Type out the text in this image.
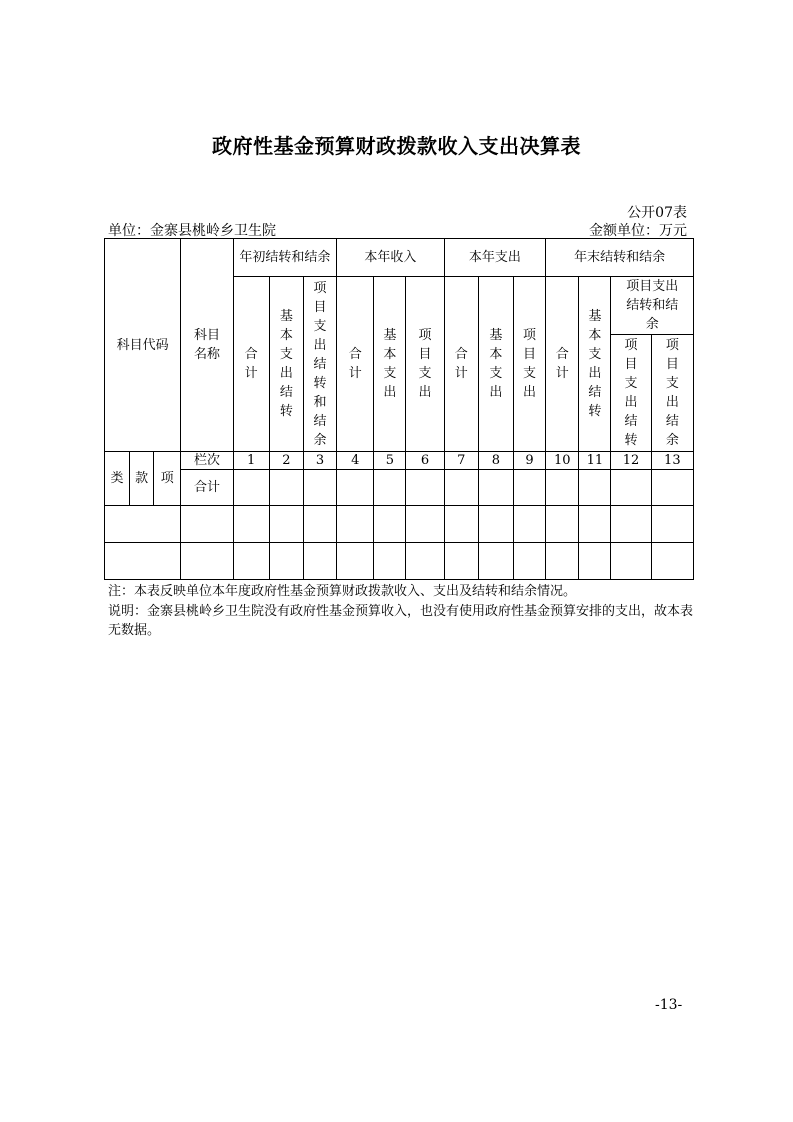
政府性基金预算财政拨款收入支出决算表
公开07表
单位：金寨县桃岭乡卫生院	金额单位：万元
科目代码			科目名称	年初结转和结余			本年收入			本年支出			年末结转和结余			
				合计	基本支出结转	项目支出结转和结余	合计	基本支出	项目支出	合计	基本支出	项目支出	合计	基本支出结转	项目支出结转和结余	
															项目支出结转	项目支出结余
类	款	项	栏次	1	2	3	4	5	6	7	8	9	10	11	12	13
			合计													

注：本表反映单位本年度政府性基金预算财政拨款收入、支出及结转和结余情况。
说明：金寨县桃岭乡卫生院没有政府性基金预算收入，也没有使用政府性基金预算安排的支出，故本表无数据。
-13-
